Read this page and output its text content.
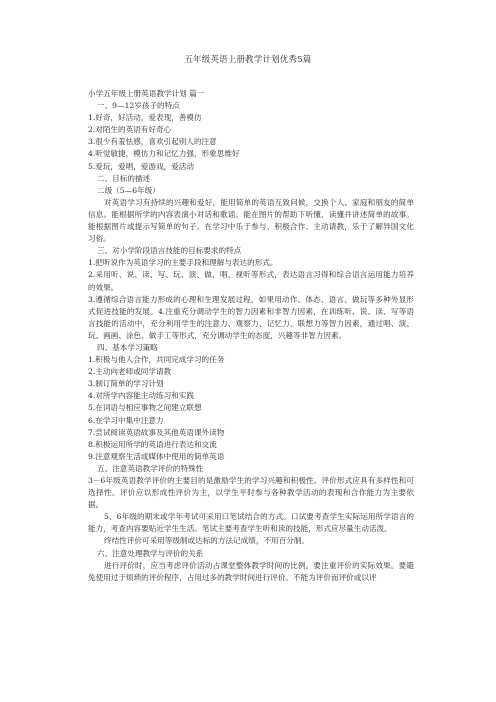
五年级英语上册教学计划优秀5篇

小学五年级上册英语教学计划 篇一

一、9—12岁孩子的特点

1.好奇，好活动，爱表现，善模仿

2.对陌生的英语有好奇心

3.很少有羞怯感，喜欢引起别人的注意

4.听觉敏捷，模仿力和记忆力强，形象思维好

5.爱玩，爱唱，爱游戏，爱活动

二、目标的描述

二级（5—6年级）

对英语学习有持续的兴趣和爱好，能用简单的英语互致问候，交换个人、家庭和朋友的简单信息。能根据所学的内容表演小对话和歌谣。能在图片的帮助下听懂、读懂并讲述简单的故事。能根据图片或提示写简单的句子。在学习中乐于参与、积极合作、主动请教，乐于了解异国文化习俗。

三、对小学阶段语言技能的目标要求的特点

1.把听说作为英语学习的主要手段和理解与表达的形式。

2.采用听、说、读、写、玩、演、做、唱、视听等形式，表达语言习得和综合语言运用能力培养的效果。

3.遵循综合语言能力形成的心理和生理发展过程，如果用动作、体态、语言、做玩等多种外显形式促进技能的发展。4.注重充分调动学生的智力因素和非智力因素，在训练听、说、读、写等语言技能的活动中，充分利用学生的注意力、观察力、记忆力、联想力等智力因素，通过唱、演、玩、画画、涂色、做手工等形式，充分调动学生的态度，兴趣等非智力因素。

四、基本学习策略

1.积极与他人合作，共同完成学习的任务

2.主动向老师或同学请教

3.制订简单的学习计划

4.对所学内容能主动练习和实践

5.在词语与相应事物之间建立联想

6.在学习中集中注意力

7.尝试阅读英语故事及其他英语课外读物

8.积极运用所学的英语进行表达和交流

9.注意观察生活或媒体中使用的简单英语

五、注意英语教学评价的特殊性

3－6年级英语教学评价的主要目的是激励学生的学习兴趣和积极性。评价形式应具有多样性和可选择性。评价应以形成性评价为主，以学生平时参与各种教学活动的表现和合作能力为主要依据。

5、6年级的期末或学年考试可采用口笔试结合的方式。口试要考查学生实际运用所学语言的能力，考查内容要贴近学生生活。笔试主要考查学生听和读的技能，形式应尽量生动活泼。

终结性评价可采用等级制或达标的方法记成绩，不用百分制。

六、注意处理教学与评价的关系

进行评价时，应当考虑评价活动占课堂整体教学时间的比例。要注重评价的实际效果。要避免使用过于烦琐的评价程序，占用过多的教学时间进行评价。不能为评价而评价或以评
